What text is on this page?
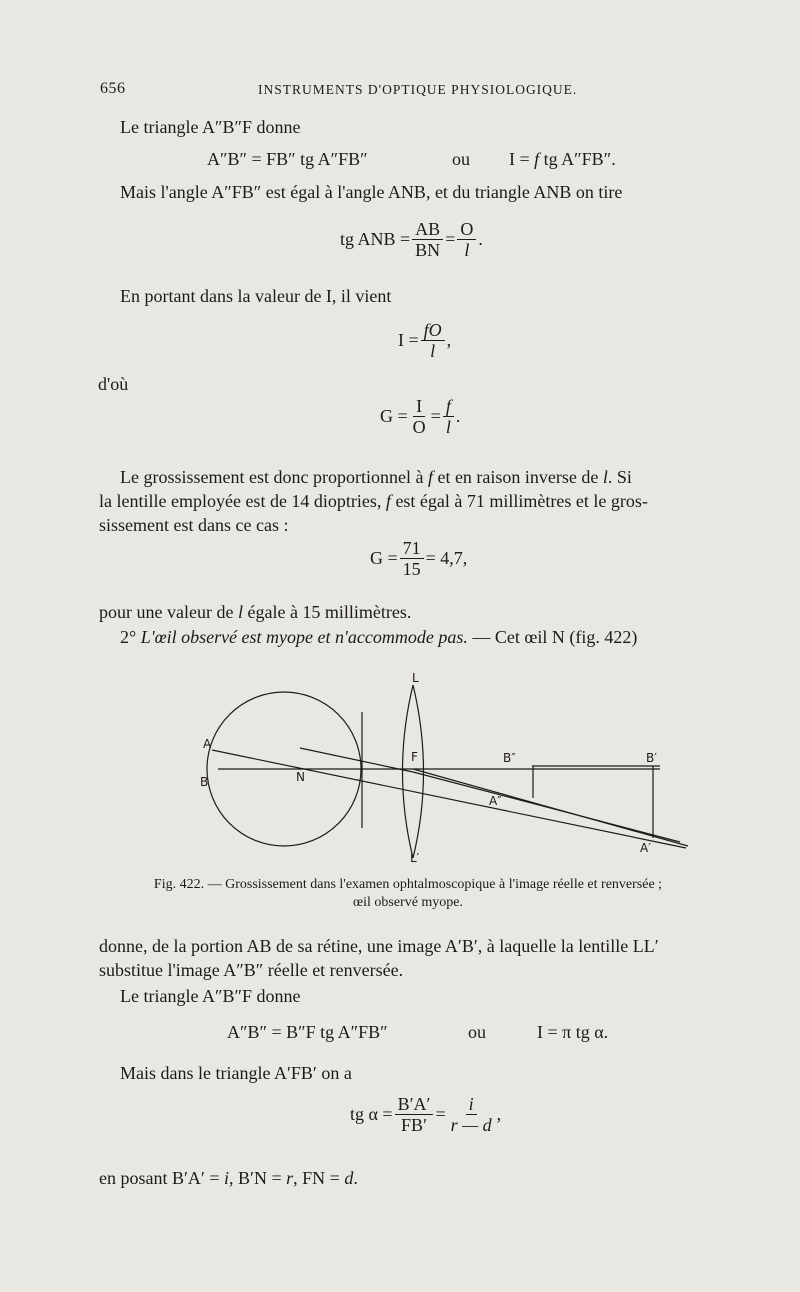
656	INSTRUMENTS D'OPTIQUE PHYSIOLOGIQUE.
Le triangle A″B″F donne
A″B″ = FB″ tg A″FB″	ou I = f tg A″FB″.
Mais l'angle A″FB″ est égal à l'angle ANB, et du triangle ANB on tire
tg ANB = $\frac{AB}{BN} = \frac{O}{l}$ .
En portant dans la valeur de I, il vient
$I = \frac{fO}{l}$ ,
d'où
$G = \frac{I}{O} = \frac{f}{l}$ .
Le grossissement est donc proportionnel à f et en raison inverse de l. Si
la lentille employée est de 14 dioptries, f est égal à 71 millimètres et le gros-
sissement est dans ce cas :
$G = \frac{71}{15} = 4,7$,
pour une valeur de l égale à 15 millimètres.
2° L'œil observé est myope et n'accommode pas. — Cet œil N (fig. 422)
L
L′
A
B	N
F	B″	B′
A″
A′
Fig. 422. — Grossissement dans l'examen ophtalmoscopique à l'image réelle et renversée ;
œil observé myope.
donne, de la portion AB de sa rétine, une image A′B′, à laquelle la lentille LL′
substitue l'image A″B″ réelle et renversée.
Le triangle A″B″F donne
A″B″ = B″F tg A″FB″	ou	I = π tg α.
Mais dans le triangle A′FB′ on a
tg $\alpha = \frac{B'A'}{FB'} = \frac{i}{r — d}$ ,
en posant B′A′ = i, B′N = r, FN = d.
